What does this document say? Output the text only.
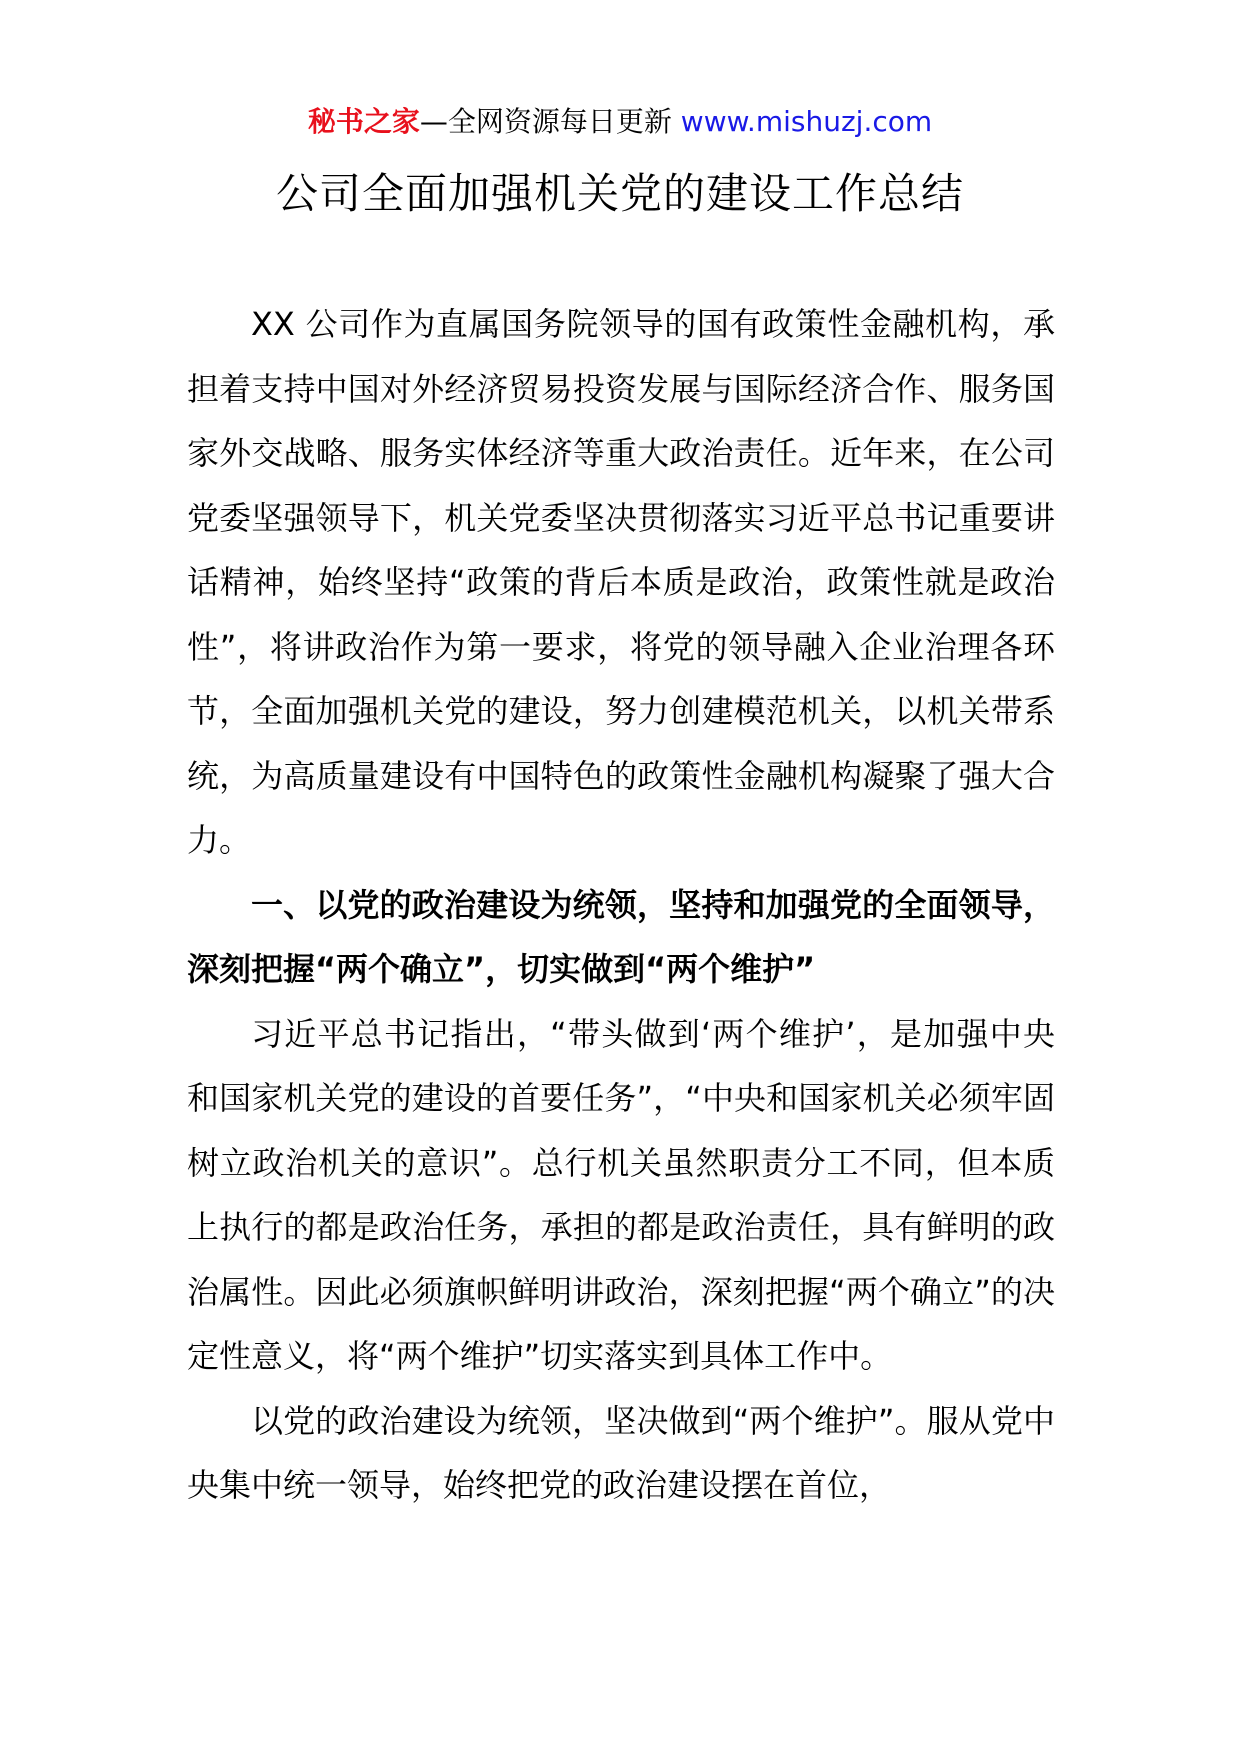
秘书之家—全网资源每日更新 www.mishuzj.com
公司全面加强机关党的建设工作总结

XX 公司作为直属国务院领导的国有政策性金融机构，承担着支持中国对外经济贸易投资发展与国际经济合作、服务国家外交战略、服务实体经济等重大政治责任。近年来，在公司党委坚强领导下，机关党委坚决贯彻落实习近平总书记重要讲话精神，始终坚持“政策的背后本质是政治，政策性就是政治性”，将讲政治作为第一要求，将党的领导融入企业治理各环节，全面加强机关党的建设，努力创建模范机关，以机关带系统，为高质量建设有中国特色的政策性金融机构凝聚了强大合力。

一、以党的政治建设为统领，坚持和加强党的全面领导，深刻把握“两个确立”，切实做到“两个维护”

习近平总书记指出，“带头做到‘两个维护’，是加强中央和国家机关党的建设的首要任务”，“中央和国家机关必须牢固树立政治机关的意识”。总行机关虽然职责分工不同，但本质上执行的都是政治任务，承担的都是政治责任，具有鲜明的政治属性。因此必须旗帜鲜明讲政治，深刻把握“两个确立”的决定性意义，将“两个维护”切实落实到具体工作中。

以党的政治建设为统领，坚决做到“两个维护”。服从党中央集中统一领导，始终把党的政治建设摆在首位，
